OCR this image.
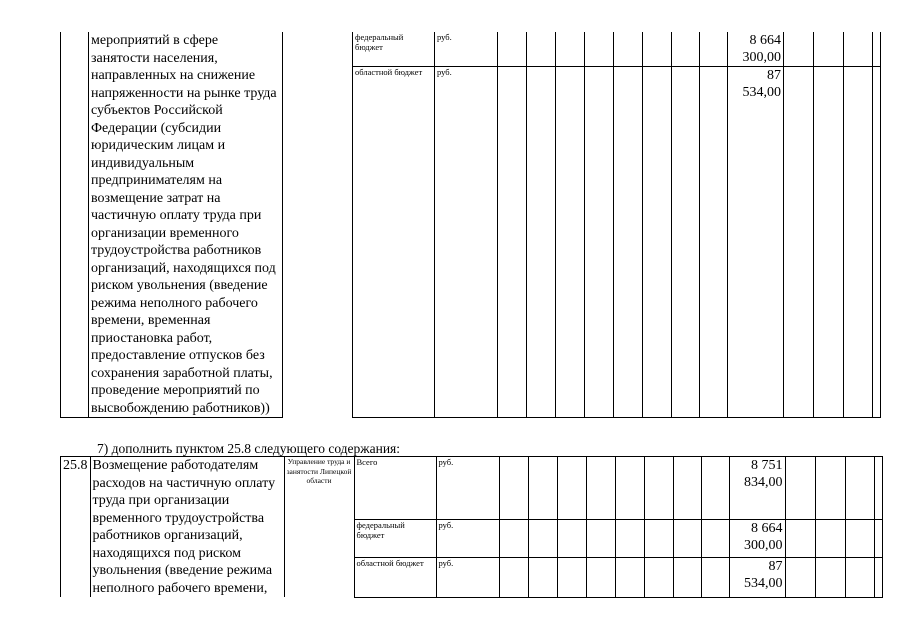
	мероприятий в сфере занятости населения, направленных на снижение напряженности на рынке труда субъектов Российской Федерации (субсидии юридическим лицам и индивидуальным предпринимателям на возмещение затрат на частичную оплату труда при организации временного трудоустройства работников организаций, находящихся под риском увольнения (введение режима неполного рабочего времени, временная приостановка работ, предоставление отпусков без сохранения заработной платы, проведение мероприятий по высвобождению работников))		федеральный бюджет	руб.									8 664 300,00				
			областной бюджет	руб.									87 534,00				
7) дополнить пунктом 25.8 следующего содержания:
25.8	Возмещение работодателям расходов на частичную оплату труда при организации временного трудоустройства работников организаций, находящихся под риском увольнения (введение режима неполного рабочего времени,	Управление труда и занятости Липецкой области	Всего	руб.									8 751 834,00				
			федеральный бюджет	руб.									8 664 300,00				
			областной бюджет	руб.									87 534,00				
